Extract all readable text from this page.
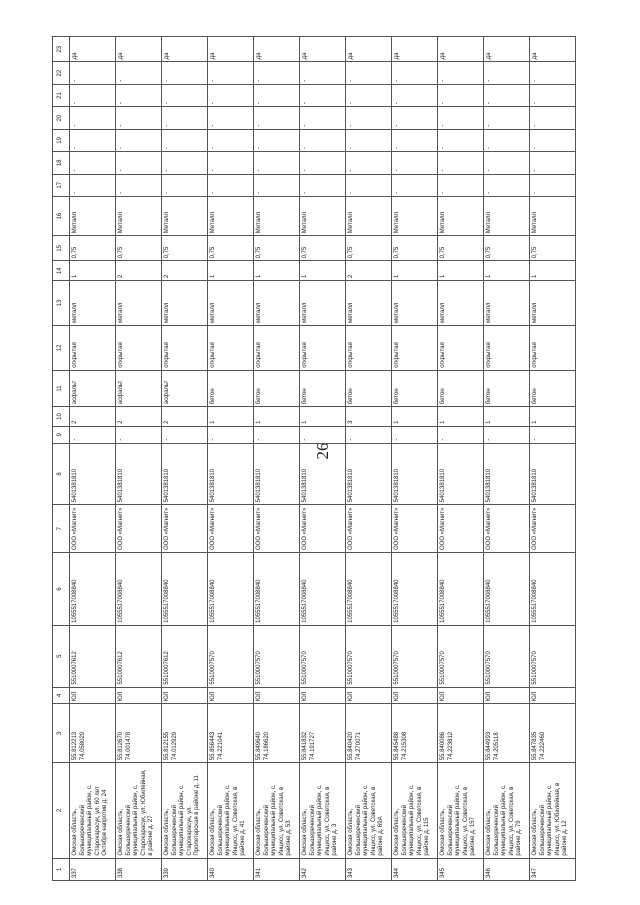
26
1	2	3	4	5	6	7	8	9	10	11	12	13	14	15	16	17	18	19	20	21	22	23
337	Омская область, Большереченский муниципальный район, с. Старокарасук, ул. 60 лет Октября напротив д. 24	55.812213 74.058029	ЮЛ	5510007612	1055517008840	ООО «Магнит»	5401381810	-	2	асфальт	открытая	металл	1	0,75	Металл	-	-	-	-	-	-	да
338	Омская область, Большереченский муниципальный район, с. Старокарасук, ул. Юбилейная, в районе д. 27	55.812670 74.001478	ЮЛ	5510007612	1055517008840	ООО «Магнит»	5401381810	-	2	асфальт	открытая	металл	2	0,75	Металл	-	-	-	-	-	-	да
339	Омская область, Большереченский муниципальный район, с. Старокарасук, ул. Пролетарская в районе д. 11	55.812155 74.012929	ЮЛ	5510007612	1055517008840	ООО «Магнит»	5401381810	-	2	асфальт	открытая	металл	2	0,75	Металл	-	-	-	-	-	-	да
340	Омская область, Большереченский муниципальный район, с. Инцисс, ул. Советская, в районе д. 41	55.856443 74.221041	ЮЛ	5510007570	1055517008840	ООО «Магнит»	5401381810	-	1	бетон	открытая	металл	1	0,75	Металл	-	-	-	-	-	-	да
341	Омская область, Большереченский муниципальный район, с. Инцисс, ул. Советская, в районе д. 53	55.849640 74.186620	ЮЛ	5510007570	1055517008840	ООО «Магнит»	5401381810	-	1	бетон	открытая	металл	1	0,75	Металл	-	-	-	-	-	-	да
342	Омская область, Большереченский муниципальный район, с. Инцисс, ул. Советская, в районе д. 3	55.841832 74.191727	ЮЛ	5510007570	1055517008840	ООО «Магнит»	5401381810	-	1	бетон	открытая	металл	1	0,75	Металл	-	-	-	-	-	-	да
343	Омская область, Большереченский муниципальный район, с. Инцисс, ул. Советская, в районе д. 69А	55.840420 74.270071	ЮЛ	5510007570	1055517008840	ООО «Магнит»	5401381810	-	3	бетон	открытая	металл	2	0,75	Металл	-	-	-	-	-	-	да
344	Омская область, Большереченский муниципальный район, с. Инцисс, ул. Советская, в районе д. 115	55.845488 74.215308	ЮЛ	5510007570	1055517008840	ООО «Магнит»	5401381810	-	1	бетон	открытая	металл	1	0,75	Металл	-	-	-	-	-	-	да
345	Омская область, Большереченский муниципальный район, с. Инцисс, ул. Советская, в районе д. 157	55.840086 74.223812	ЮЛ	5510007570	1055517008840	ООО «Магнит»	5401381810	-	1	бетон	открытая	металл	1	0,75	Металл	-	-	-	-	-	-	да
346	Омская область, Большереченский муниципальный район, с. Инцисс, ул. Советская, в районе д. 79	55.844993 74.205118	ЮЛ	5510007570	1055517008840	ООО «Магнит»	5401381810	-	1	бетон	открытая	металл	1	0,75	Металл	-	-	-	-	-	-	да
347	Омская область, Большереченский муниципальный район, с. Инцисс, ул. Юбилейная, в районе д. 12	55.847835 74.222460	ЮЛ	5510007570	1055517008840	ООО «Магнит»	5401381810	-	1	бетон	открытая	металл	1	0,75	Металл	-	-	-	-	-	-	да
